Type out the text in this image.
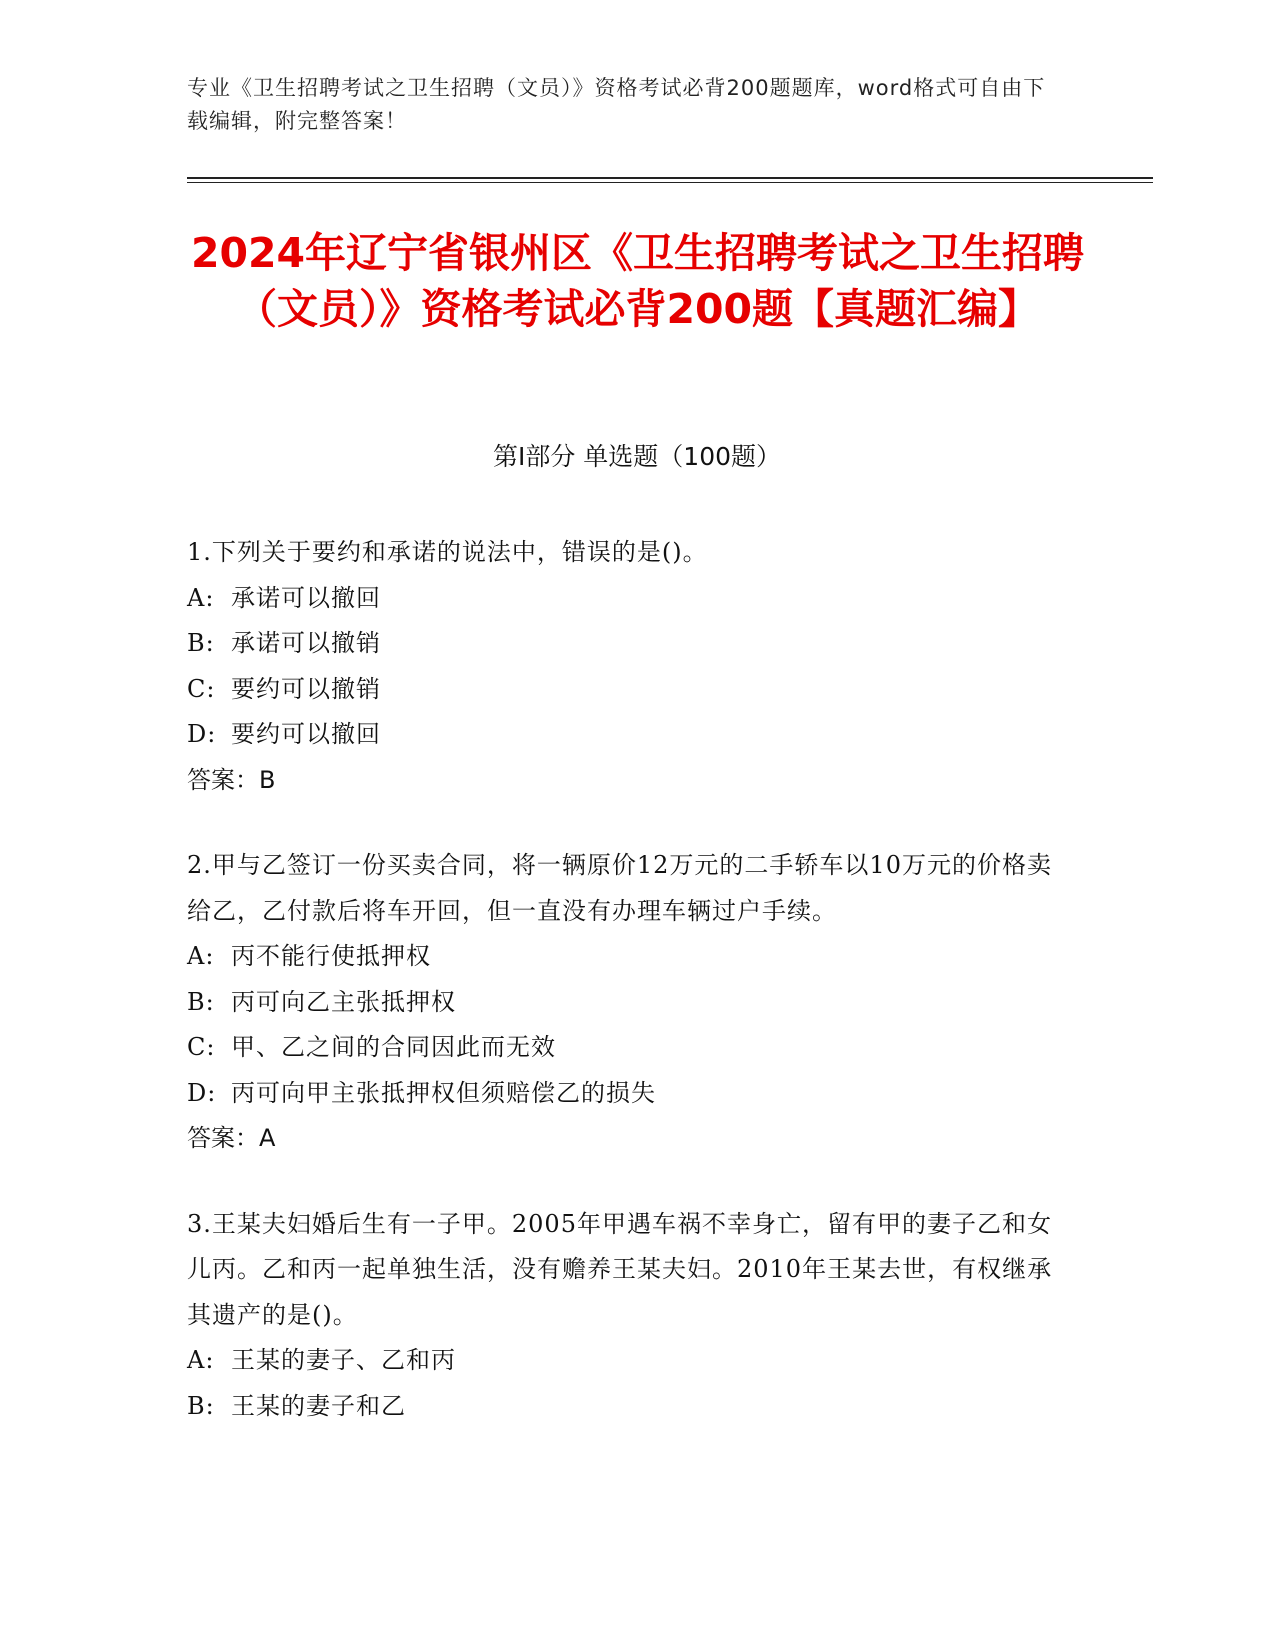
专业《卫生招聘考试之卫生招聘（文员）》资格考试必背200题题库，word格式可自由下载编辑，附完整答案！
2024年辽宁省银州区《卫生招聘考试之卫生招聘（文员）》资格考试必背200题【真题汇编】
第Ⅰ部分 单选题（100题）

1.下列关于要约和承诺的说法中，错误的是()。

A: 承诺可以撤回

B: 承诺可以撤销

C: 要约可以撤销

D: 要约可以撤回

答案：B

2.甲与乙签订一份买卖合同，将一辆原价12万元的二手轿车以10万元的价格卖给乙，乙付款后将车开回，但一直没有办理车辆过户手续。

A: 丙不能行使抵押权

B: 丙可向乙主张抵押权

C: 甲、乙之间的合同因此而无效

D: 丙可向甲主张抵押权但须赔偿乙的损失

答案：A

3.王某夫妇婚后生有一子甲。2005年甲遇车祸不幸身亡，留有甲的妻子乙和女儿丙。乙和丙一起单独生活，没有赡养王某夫妇。2010年王某去世，有权继承其遗产的是()。

A: 王某的妻子、乙和丙

B: 王某的妻子和乙
